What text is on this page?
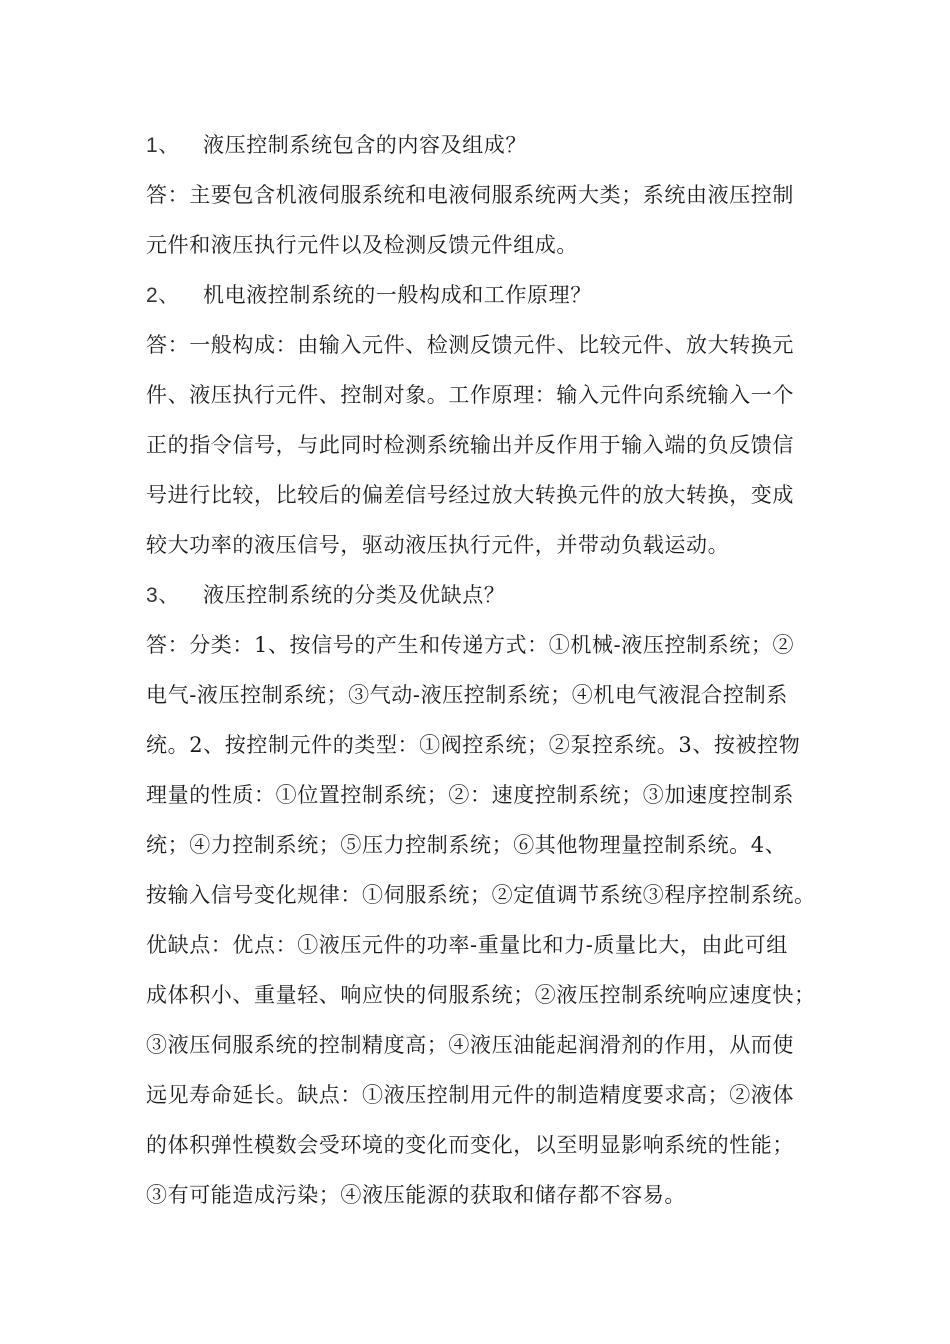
1、 液压控制系统包含的内容及组成？
答：主要包含机液伺服系统和电液伺服系统两大类；系统由液压控制
元件和液压执行元件以及检测反馈元件组成。
2、 机电液控制系统的一般构成和工作原理？
答：一般构成：由输入元件、检测反馈元件、比较元件、放大转换元
件、液压执行元件、控制对象。工作原理：输入元件向系统输入一个
正的指令信号，与此同时检测系统输出并反作用于输入端的负反馈信
号进行比较，比较后的偏差信号经过放大转换元件的放大转换，变成
较大功率的液压信号，驱动液压执行元件，并带动负载运动。
3、 液压控制系统的分类及优缺点？
答：分类：1、按信号的产生和传递方式：①机械-液压控制系统；②
电气-液压控制系统；③气动-液压控制系统；④机电气液混合控制系
统。2、按控制元件的类型：①阀控系统；②泵控系统。3、按被控物
理量的性质：①位置控制系统；②：速度控制系统；③加速度控制系
统；④力控制系统；⑤压力控制系统；⑥其他物理量控制系统。4、
按输入信号变化规律：①伺服系统；②定值调节系统③程序控制系统。
优缺点：优点：①液压元件的功率-重量比和力-质量比大，由此可组
成体积小、重量轻、响应快的伺服系统；②液压控制系统响应速度快；
③液压伺服系统的控制精度高；④液压油能起润滑剂的作用，从而使
远见寿命延长。缺点：①液压控制用元件的制造精度要求高；②液体
的体积弹性模数会受环境的变化而变化，以至明显影响系统的性能；
③有可能造成污染；④液压能源的获取和储存都不容易。
